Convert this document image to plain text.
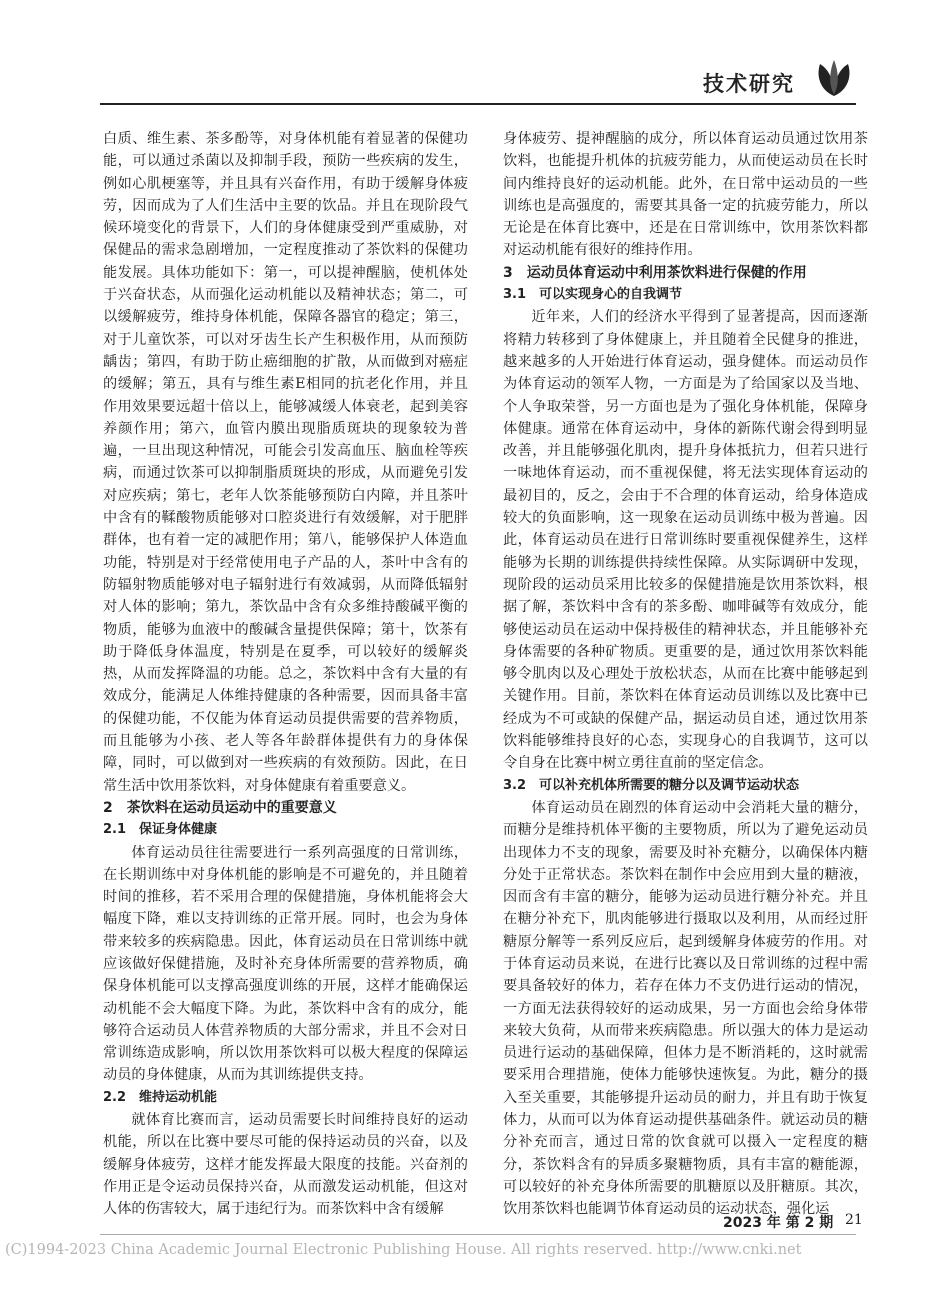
技术研究

白质、维生素、茶多酚等，对身体机能有着显著的保健功能，可以通过杀菌以及抑制手段，预防一些疾病的发生，例如心肌梗塞等，并且具有兴奋作用，有助于缓解身体疲劳，因而成为了人们生活中主要的饮品。并且在现阶段气候环境变化的背景下，人们的身体健康受到严重威胁，对保健品的需求急剧增加，一定程度推动了茶饮料的保健功能发展。具体功能如下：第一，可以提神醒脑，使机体处于兴奋状态，从而强化运动机能以及精神状态；第二，可以缓解疲劳，维持身体机能，保障各器官的稳定；第三，对于儿童饮茶，可以对牙齿生长产生积极作用，从而预防龋齿；第四，有助于防止癌细胞的扩散，从而做到对癌症的缓解；第五，具有与维生素E相同的抗老化作用，并且作用效果要远超十倍以上，能够减缓人体衰老，起到美容养颜作用；第六，血管内膜出现脂质斑块的现象较为普遍，一旦出现这种情况，可能会引发高血压、脑血栓等疾病，而通过饮茶可以抑制脂质斑块的形成，从而避免引发对应疾病；第七，老年人饮茶能够预防白内障，并且茶叶中含有的鞣酸物质能够对口腔炎进行有效缓解，对于肥胖群体，也有着一定的减肥作用；第八，能够保护人体造血功能，特别是对于经常使用电子产品的人，茶叶中含有的防辐射物质能够对电子辐射进行有效减弱，从而降低辐射对人体的影响；第九，茶饮品中含有众多维持酸碱平衡的物质，能够为血液中的酸碱含量提供保障；第十，饮茶有助于降低身体温度，特别是在夏季，可以较好的缓解炎热，从而发挥降温的功能。总之，茶饮料中含有大量的有效成分，能满足人体维持健康的各种需要，因而具备丰富的保健功能，不仅能为体育运动员提供需要的营养物质，而且能够为小孩、老人等各年龄群体提供有力的身体保障，同时，可以做到对一些疾病的有效预防。因此，在日常生活中饮用茶饮料，对身体健康有着重要意义。

2　茶饮料在运动员运动中的重要意义

2.1　保证身体健康

体育运动员往往需要进行一系列高强度的日常训练，在长期训练中对身体机能的影响是不可避免的，并且随着时间的推移，若不采用合理的保健措施，身体机能将会大幅度下降，难以支持训练的正常开展。同时，也会为身体带来较多的疾病隐患。因此，体育运动员在日常训练中就应该做好保健措施，及时补充身体所需要的营养物质，确保身体机能可以支撑高强度训练的开展，这样才能确保运动机能不会大幅度下降。为此，茶饮料中含有的成分，能够符合运动员人体营养物质的大部分需求，并且不会对日常训练造成影响，所以饮用茶饮料可以极大程度的保障运动员的身体健康，从而为其训练提供支持。

2.2　维持运动机能

就体育比赛而言，运动员需要长时间维持良好的运动机能，所以在比赛中要尽可能的保持运动员的兴奋，以及缓解身体疲劳，这样才能发挥最大限度的技能。兴奋剂的作用正是令运动员保持兴奋，从而激发运动机能，但这对人体的伤害较大，属于违纪行为。而茶饮料中含有缓解

身体疲劳、提神醒脑的成分，所以体育运动员通过饮用茶饮料，也能提升机体的抗疲劳能力，从而使运动员在长时间内维持良好的运动机能。此外，在日常中运动员的一些训练也是高强度的，需要其具备一定的抗疲劳能力，所以无论是在体育比赛中，还是在日常训练中，饮用茶饮料都对运动机能有很好的维持作用。

3　运动员体育运动中利用茶饮料进行保健的作用

3.1　可以实现身心的自我调节

近年来，人们的经济水平得到了显著提高，因而逐渐将精力转移到了身体健康上，并且随着全民健身的推进，越来越多的人开始进行体育运动，强身健体。而运动员作为体育运动的领军人物，一方面是为了给国家以及当地、个人争取荣誉，另一方面也是为了强化身体机能，保障身体健康。通常在体育运动中，身体的新陈代谢会得到明显改善，并且能够强化肌肉，提升身体抵抗力，但若只进行一味地体育运动，而不重视保健，将无法实现体育运动的最初目的，反之，会由于不合理的体育运动，给身体造成较大的负面影响，这一现象在运动员训练中极为普遍。因此，体育运动员在进行日常训练时要重视保健养生，这样能够为长期的训练提供持续性保障。从实际调研中发现，现阶段的运动员采用比较多的保健措施是饮用茶饮料，根据了解，茶饮料中含有的茶多酚、咖啡碱等有效成分，能够使运动员在运动中保持极佳的精神状态，并且能够补充身体需要的各种矿物质。更重要的是，通过饮用茶饮料能够令肌肉以及心理处于放松状态，从而在比赛中能够起到关键作用。目前，茶饮料在体育运动员训练以及比赛中已经成为不可或缺的保健产品，据运动员自述，通过饮用茶饮料能够维持良好的心态，实现身心的自我调节，这可以令自身在比赛中树立勇往直前的坚定信念。

3.2　可以补充机体所需要的糖分以及调节运动状态

体育运动员在剧烈的体育运动中会消耗大量的糖分，而糖分是维持机体平衡的主要物质，所以为了避免运动员出现体力不支的现象，需要及时补充糖分，以确保体内糖分处于正常状态。茶饮料在制作中会应用到大量的糖液，因而含有丰富的糖分，能够为运动员进行糖分补充。并且在糖分补充下，肌肉能够进行摄取以及利用，从而经过肝糖原分解等一系列反应后，起到缓解身体疲劳的作用。对于体育运动员来说，在进行比赛以及日常训练的过程中需要具备较好的体力，若存在体力不支仍进行运动的情况，一方面无法获得较好的运动成果，另一方面也会给身体带来较大负荷，从而带来疾病隐患。所以强大的体力是运动员进行运动的基础保障，但体力是不断消耗的，这时就需要采用合理措施，使体力能够快速恢复。为此，糖分的摄入至关重要，其能够提升运动员的耐力，并且有助于恢复体力，从而可以为体育运动提供基础条件。就运动员的糖分补充而言，通过日常的饮食就可以摄入一定程度的糖分，茶饮料含有的异质多聚糖物质，具有丰富的糖能源，可以较好的补充身体所需要的肌糖原以及肝糖原。其次，饮用茶饮料也能调节体育运动员的运动状态，强化运

2023 年 第 2 期 21
(C)1994-2023 China Academic Journal Electronic Publishing House. All rights reserved. http://www.cnki.net
